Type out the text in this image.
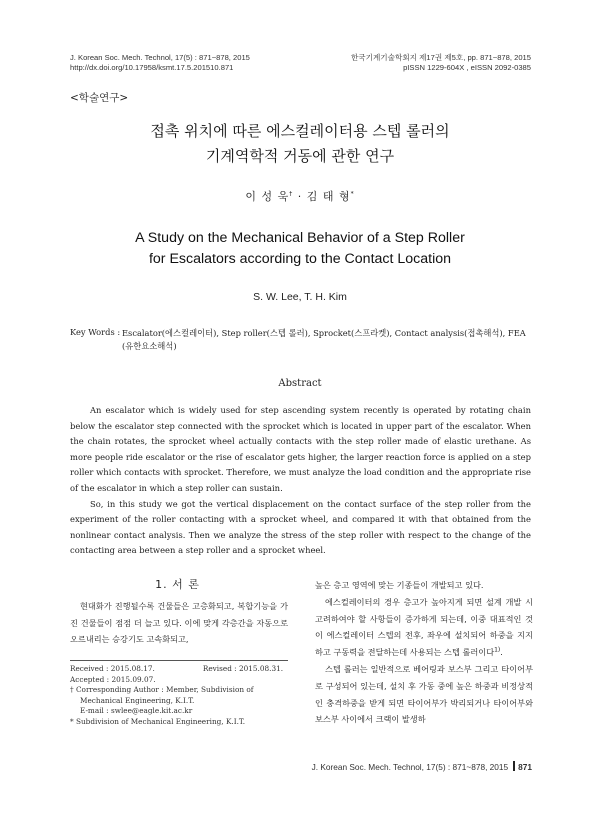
J. Korean Soc. Mech. Technol, 17(5) : 871~878, 2015
http://dx.doi.org/10.17958/ksmt.17.5.201510.871
한국기계기술학회지 제17권 제5호, pp. 871~878, 2015
pISSN 1229-604X , eISSN 2092-0385
<학술연구>
접촉 위치에 따른 에스컬레이터용 스텝 롤러의
기계역학적 거동에 관한 연구
이 성 욱† · 김 태 형*
A Study on the Mechanical Behavior of a Step Roller
for Escalators according to the Contact Location
S. W. Lee, T. H. Kim
Key Words : Escalator(에스컬레이터), Step roller(스텝 롤러), Sprocket(스프라켓), Contact analysis(접촉해석), FEA (유한요소해석)
Abstract

An escalator which is widely used for step ascending system recently is operated by rotating chain below the escalator step connected with the sprocket which is located in upper part of the escalator. When the chain rotates, the sprocket wheel actually contacts with the step roller made of elastic urethane. As more people ride escalator or the rise of escalator gets higher, the larger reaction force is applied on a step roller which contacts with sprocket. Therefore, we must analyze the load condition and the appropriate rise of the escalator in which a step roller can sustain.

So, in this study we got the vertical displacement on the contact surface of the step roller from the experiment of the roller contacting with a sprocket wheel, and compared it with that obtained from the nonlinear contact analysis. Then we analyze the stress of the step roller with respect to the change of the contacting area between a step roller and a sprocket wheel.

1. 서 론

현대화가 진행될수록 건물들은 고층화되고, 복합기능을 가진 건물들이 점점 더 늘고 있다. 이에 맞게 각층간을 자동으로 오르내리는 승강기도 고속화되고,

Received : 2015.08.17.	Revised : 2015.08.31.
Accepted : 2015.09.07.
† Corresponding Author : Member, Subdivision of
Mechanical Engineering, K.I.T.
E-mail : swlee@eagle.kit.ac.kr
* Subdivision of Mechanical Engineering, K.I.T.

높은 층고 영역에 맞는 기종들이 개발되고 있다.

에스컬레이터의 경우 층고가 높아지게 되면 설계 개발 시 고려하여야 할 사항들이 증가하게 되는데, 이중 대표적인 것이 에스컬레이터 스텝의 전후, 좌우에 설치되어 하중을 지지하고 구동력을 전달하는데 사용되는 스텝 롤러이다$^{1)}$.

스텝 롤러는 일반적으로 베어링과 보스부 그리고 타이어부로 구성되어 있는데, 설치 후 가동 중에 높은 하중과 비정상적인 충격하중을 받게 되면 타이어부가 박리되거나 타이어부와 보스부 사이에서 크랙이 발생하

J. Korean Soc. Mech. Technol, 17(5) : 871~878, 2015 871
